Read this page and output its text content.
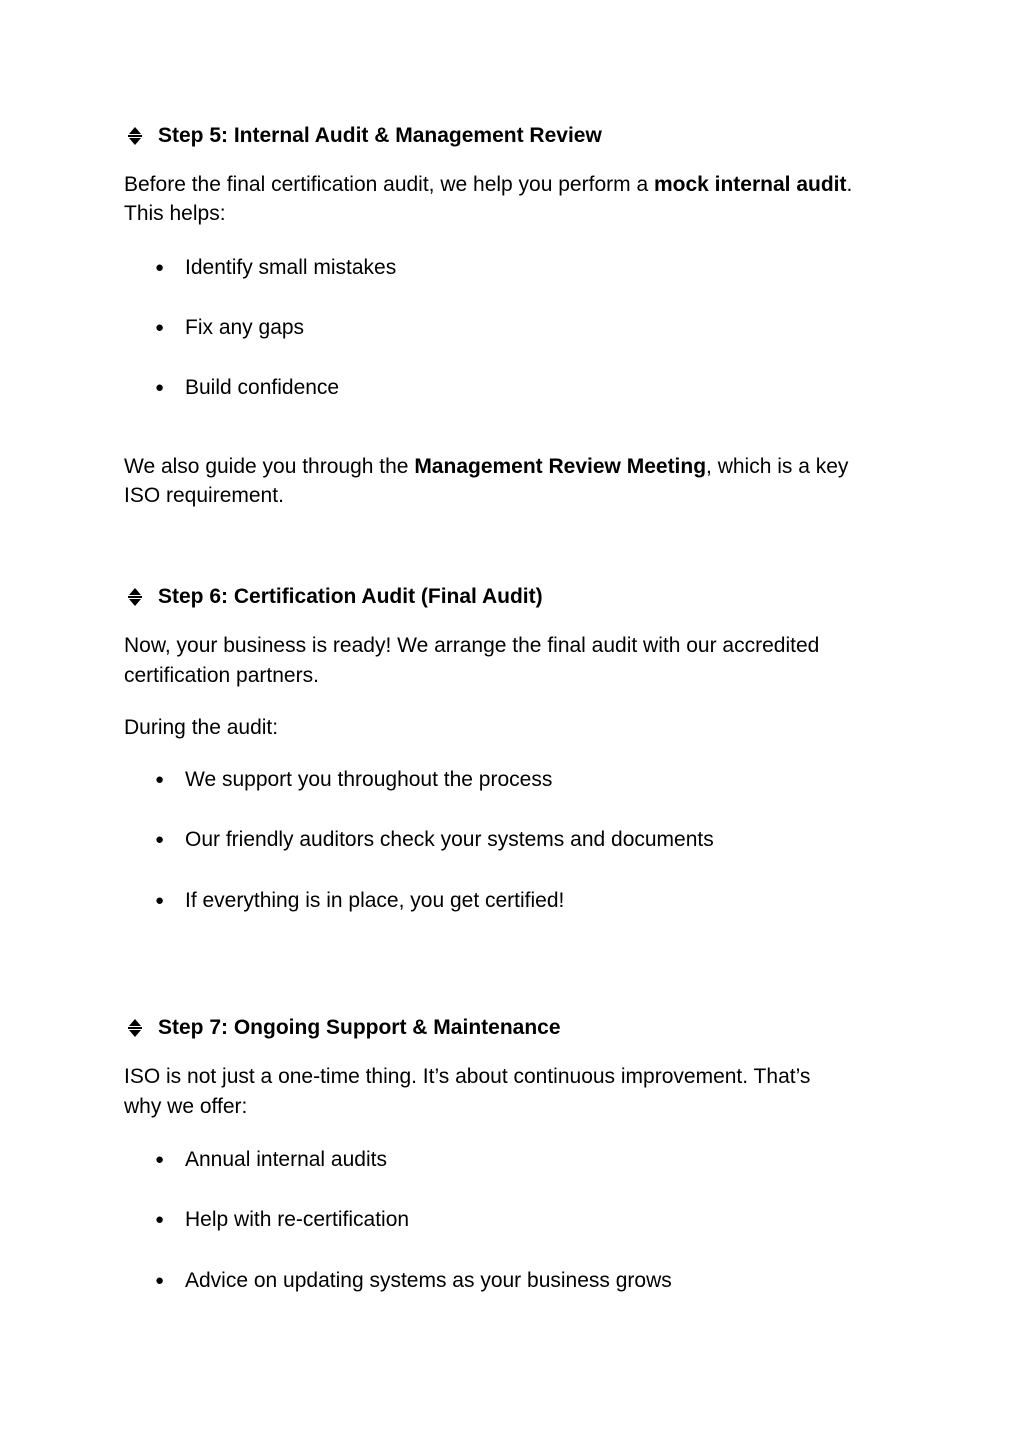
Step 5: Internal Audit & Management Review
Before the final certification audit, we help you perform a mock internal audit.
This helps:
● Identify small mistakes
● Fix any gaps
● Build confidence
We also guide you through the Management Review Meeting, which is a key
ISO requirement.
Step 6: Certification Audit (Final Audit)
Now, your business is ready! We arrange the final audit with our accredited
certification partners.
During the audit:
● We support you throughout the process
● Our friendly auditors check your systems and documents
● If everything is in place, you get certified!
Step 7: Ongoing Support & Maintenance
ISO is not just a one-time thing. It’s about continuous improvement. That’s
why we offer:
● Annual internal audits
● Help with re-certification
● Advice on updating systems as your business grows
